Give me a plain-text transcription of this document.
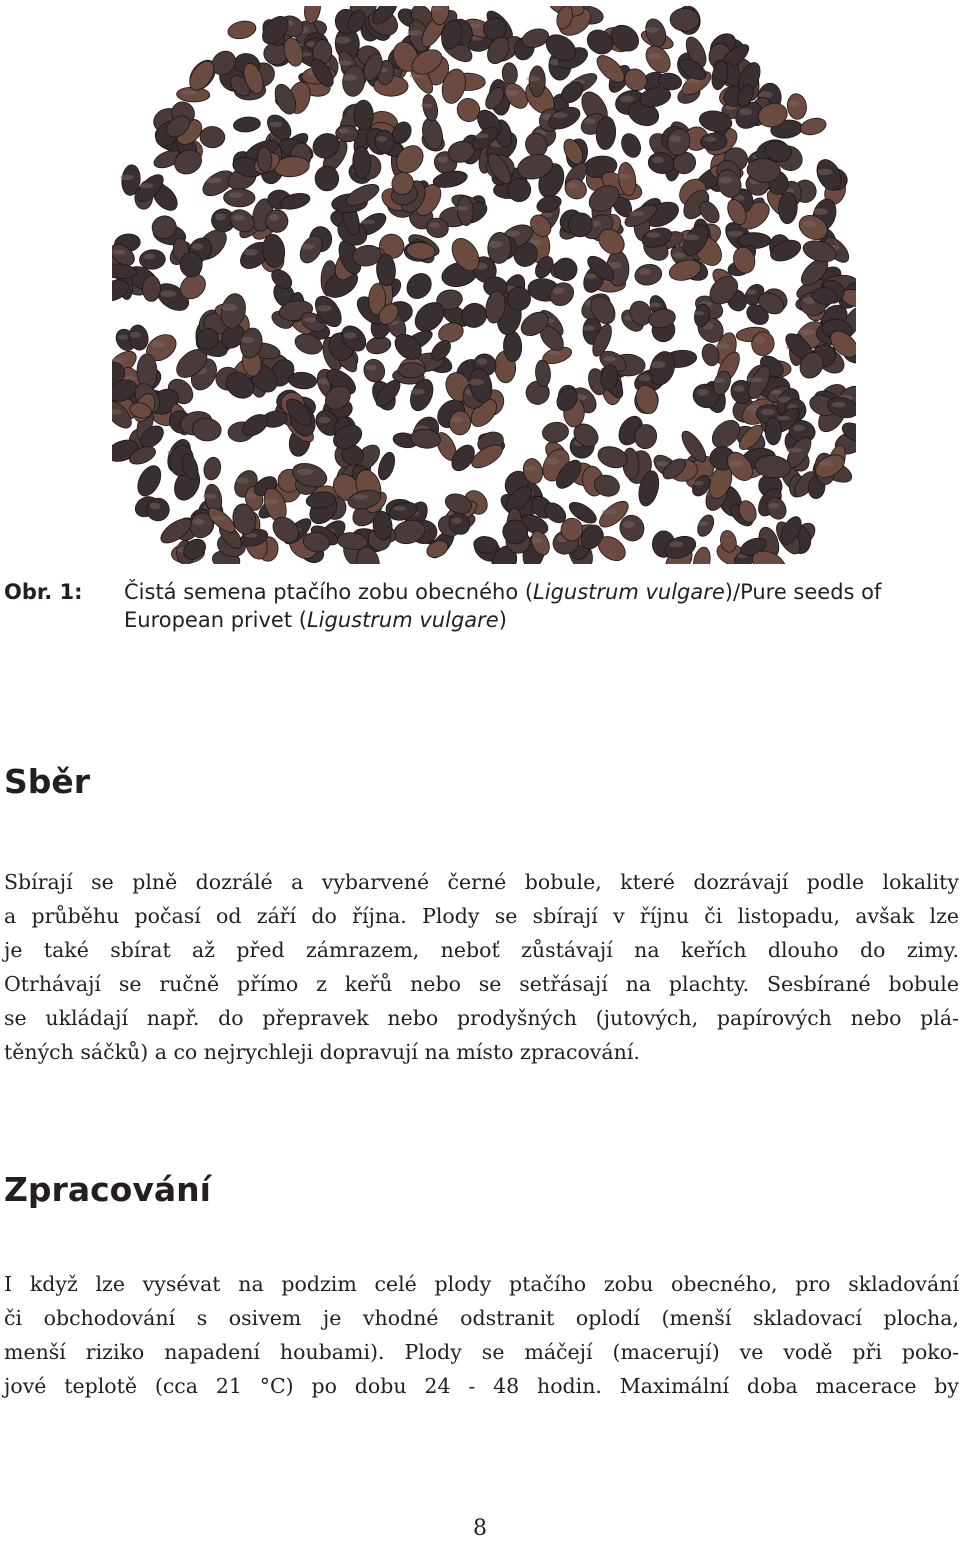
Obr. 1: Čistá semena ptačího zobu obecného (Ligustrum vulgare)/Pure seeds of European privet (Ligustrum vulgare)
Sběr

Sbírají se plně dozrálé a vybarvené černé bobule, které dozrávají podle lokality
a průběhu počasí od září do října. Plody se sbírají v říjnu či listopadu, avšak lze
je také sbírat až před zámrazem, neboť zůstávají na keřích dlouho do zimy.
Otrhávají se ručně přímo z keřů nebo se setřásají na plachty. Sesbírané bobule
se ukládají např. do přepravek nebo prodyšných (jutových, papírových nebo plá-
těných sáčků) a co nejrychleji dopravují na místo zpracování.

Zpracování

I když lze vysévat na podzim celé plody ptačího zobu obecného, pro skladování
či obchodování s osivem je vhodné odstranit oplodí (menší skladovací plocha,
menší riziko napadení houbami). Plody se máčejí (macerují) ve vodě při poko-
jové teplotě (cca 21 °C) po dobu 24 - 48 hodin. Maximální doba macerace by

8
